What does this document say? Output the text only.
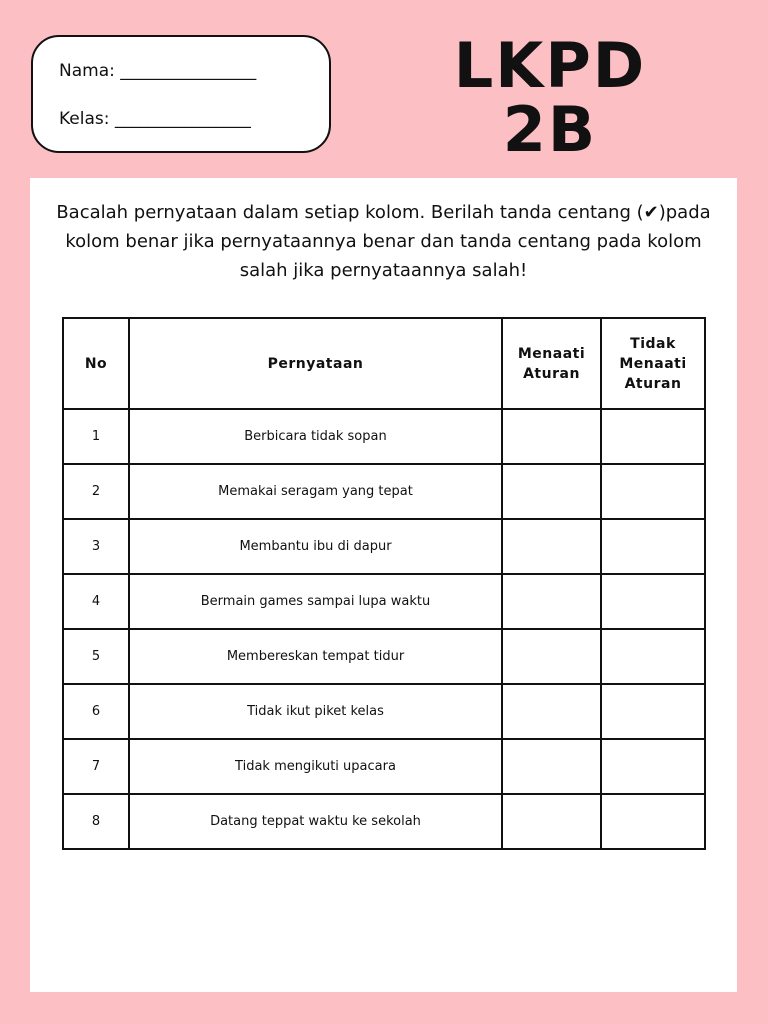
Nama: ________________
Kelas: ________________
LKPD
2B
Bacalah pernyataan dalam setiap kolom. Berilah tanda centang (✔)pada kolom benar jika pernyataannya benar dan tanda centang pada kolom salah jika pernyataannya salah!
No	Pernyataan	Menaati Aturan	Tidak Menaati Aturan
1	Berbicara tidak sopan		
2	Memakai seragam yang tepat		
3	Membantu ibu di dapur		
4	Bermain games sampai lupa waktu		
5	Membereskan tempat tidur		
6	Tidak ikut piket kelas		
7	Tidak mengikuti upacara		
8	Datang teppat waktu ke sekolah		
